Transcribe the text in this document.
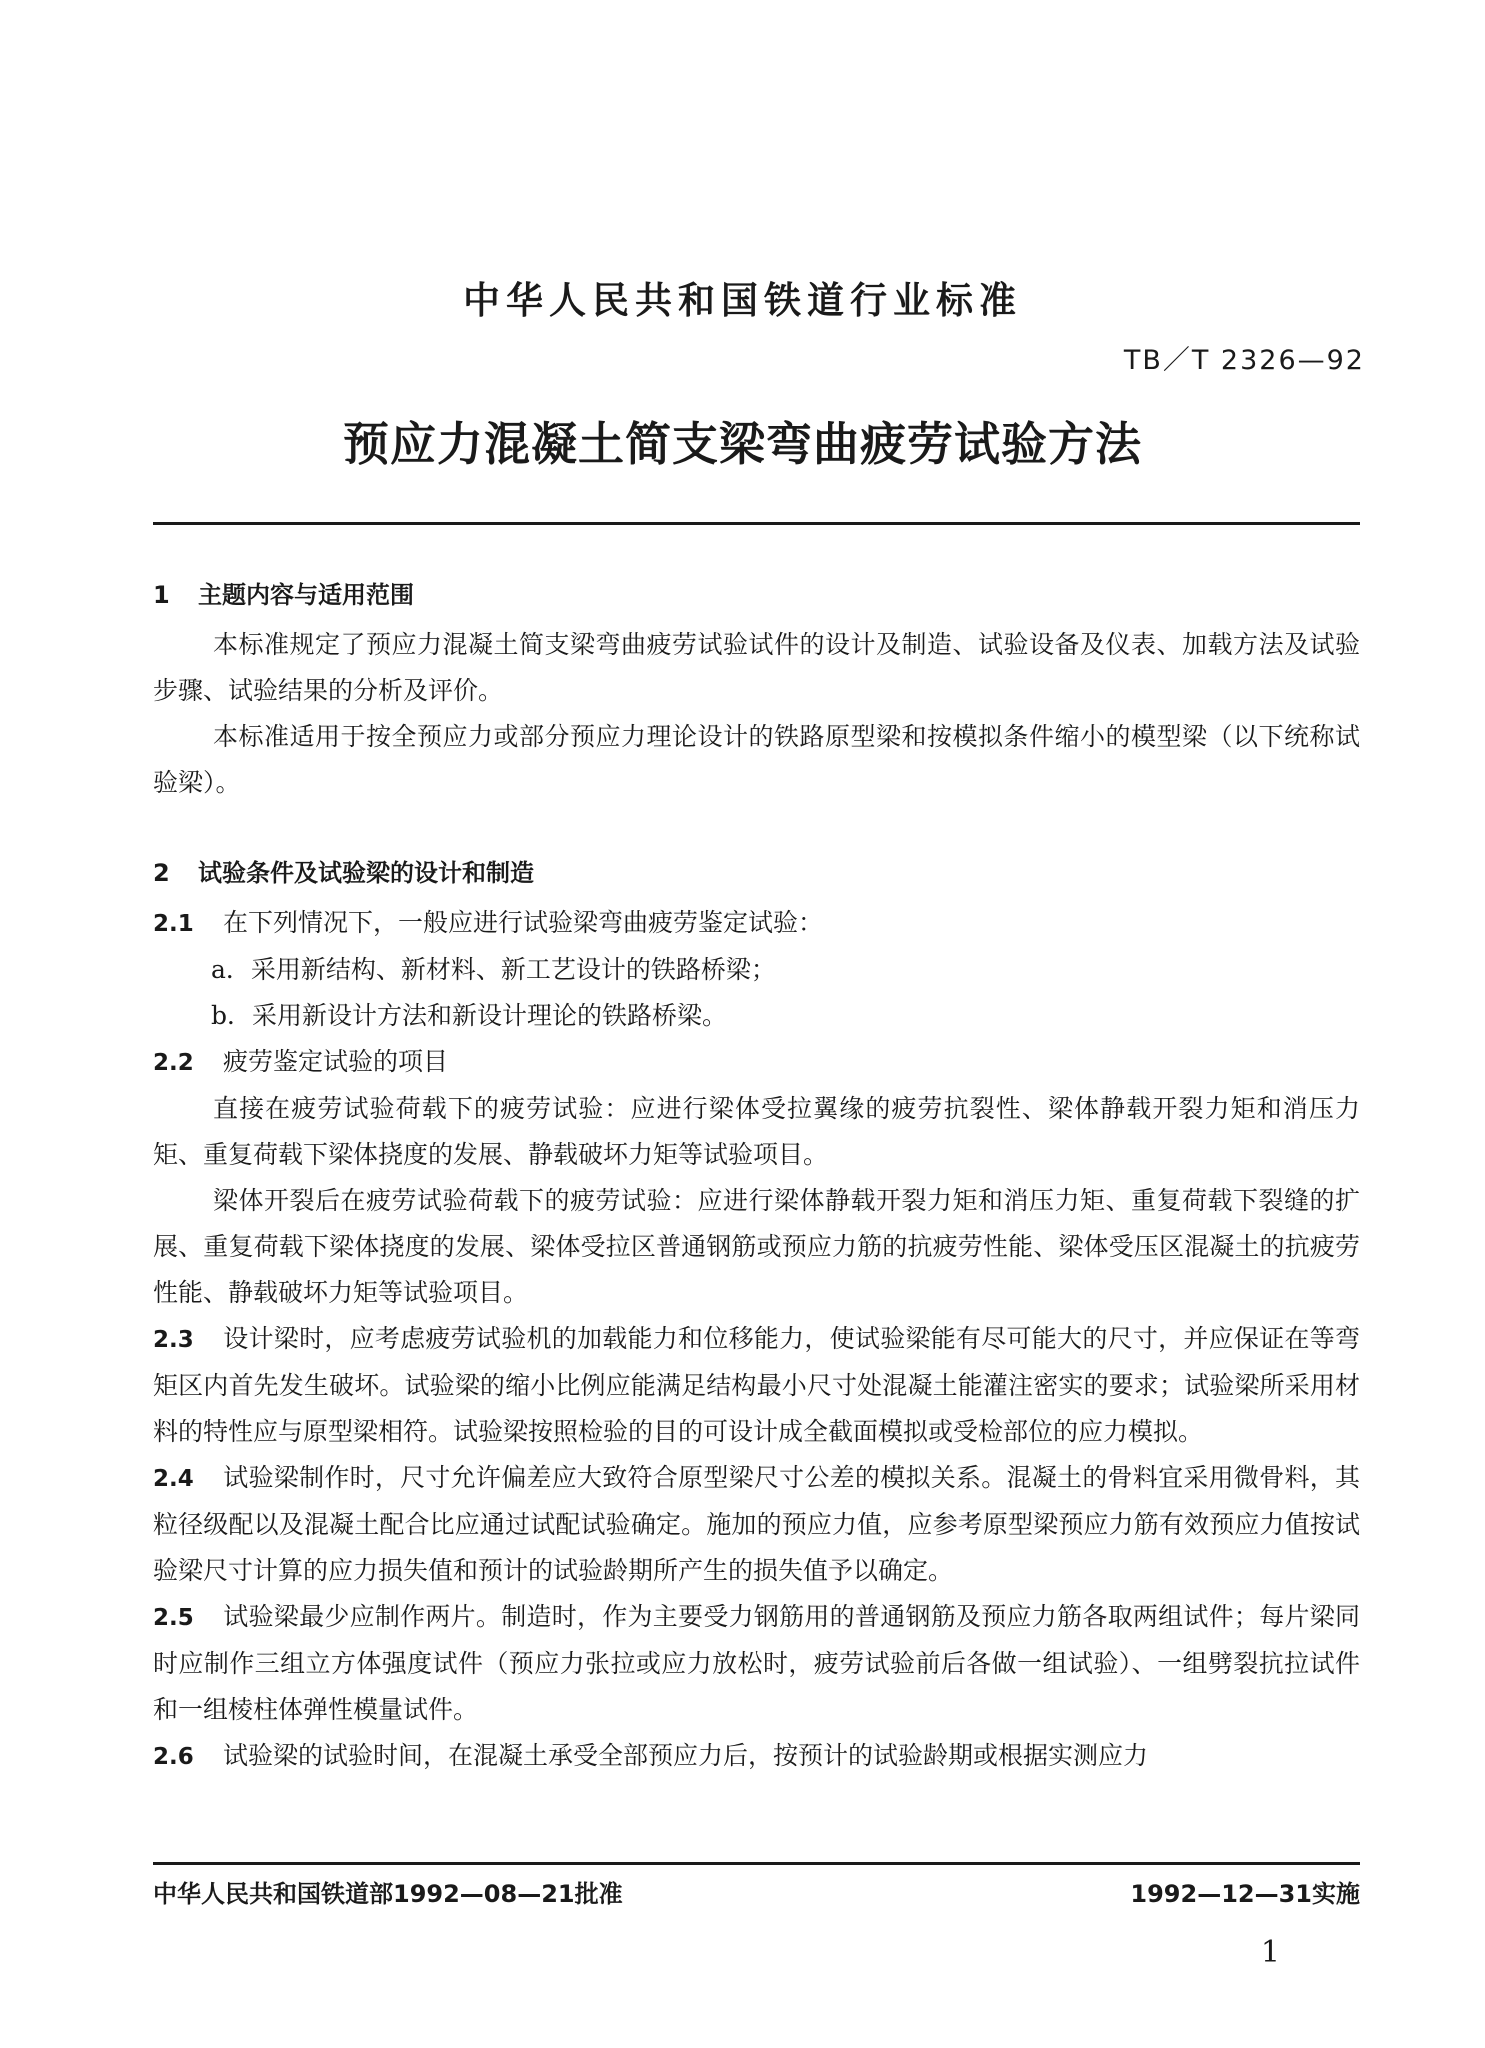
中华人民共和国铁道行业标准
TB／T 2326—92
预应力混凝土简支梁弯曲疲劳试验方法
1 主题内容与适用范围

本标准规定了预应力混凝土简支梁弯曲疲劳试验试件的设计及制造、试验设备及仪表、加载方法及试验步骤、试验结果的分析及评价。

本标准适用于按全预应力或部分预应力理论设计的铁路原型梁和按模拟条件缩小的模型梁（以下统称试验梁）。

2 试验条件及试验梁的设计和制造

2.1 在下列情况下，一般应进行试验梁弯曲疲劳鉴定试验：

a．采用新结构、新材料、新工艺设计的铁路桥梁；

b．采用新设计方法和新设计理论的铁路桥梁。

2.2 疲劳鉴定试验的项目

直接在疲劳试验荷载下的疲劳试验：应进行梁体受拉翼缘的疲劳抗裂性、梁体静载开裂力矩和消压力矩、重复荷载下梁体挠度的发展、静载破坏力矩等试验项目。

梁体开裂后在疲劳试验荷载下的疲劳试验：应进行梁体静载开裂力矩和消压力矩、重复荷载下裂缝的扩展、重复荷载下梁体挠度的发展、梁体受拉区普通钢筋或预应力筋的抗疲劳性能、梁体受压区混凝土的抗疲劳性能、静载破坏力矩等试验项目。

2.3 设计梁时，应考虑疲劳试验机的加载能力和位移能力，使试验梁能有尽可能大的尺寸，并应保证在等弯矩区内首先发生破坏。试验梁的缩小比例应能满足结构最小尺寸处混凝土能灌注密实的要求；试验梁所采用材料的特性应与原型梁相符。试验梁按照检验的目的可设计成全截面模拟或受检部位的应力模拟。

2.4 试验梁制作时，尺寸允许偏差应大致符合原型梁尺寸公差的模拟关系。混凝土的骨料宜采用微骨料，其粒径级配以及混凝土配合比应通过试配试验确定。施加的预应力值，应参考原型梁预应力筋有效预应力值按试验梁尺寸计算的应力损失值和预计的试验龄期所产生的损失值予以确定。

2.5 试验梁最少应制作两片。制造时，作为主要受力钢筋用的普通钢筋及预应力筋各取两组试件；每片梁同时应制作三组立方体强度试件（预应力张拉或应力放松时，疲劳试验前后各做一组试验）、一组劈裂抗拉试件和一组棱柱体弹性模量试件。

2.6 试验梁的试验时间，在混凝土承受全部预应力后，按预计的试验龄期或根据实测应力

中华人民共和国铁道部1992—08—21批准	1992—12—31实施
1
